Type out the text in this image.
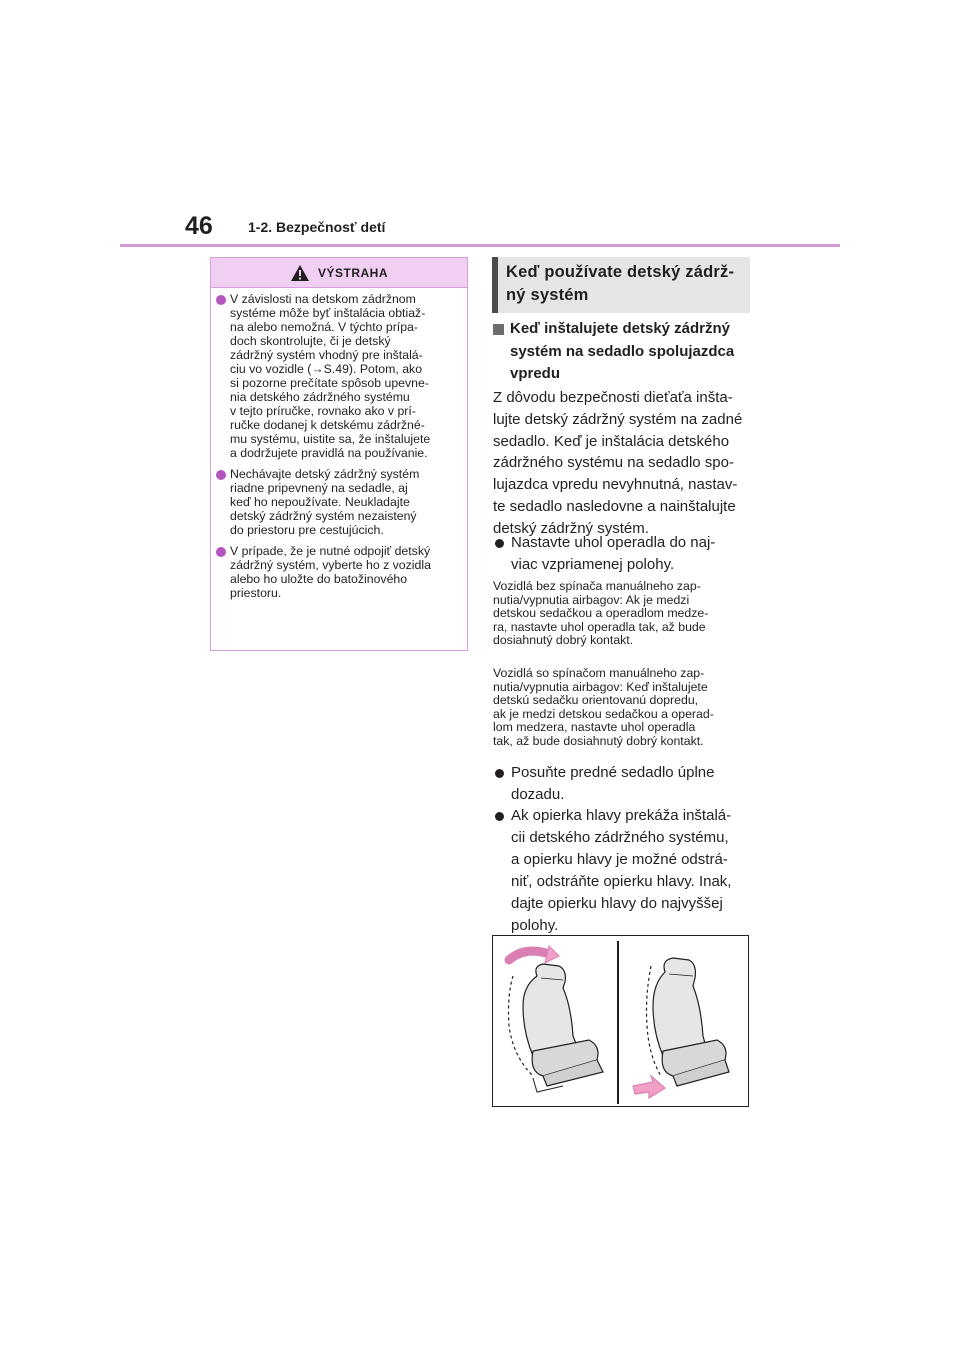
46	1-2. Bezpečnosť detí
VÝSTRAHA
V závislosti na detskom zádržnom
systéme môže byť inštalácia obtiaž-
na alebo nemožná. V týchto prípa-
doch skontrolujte, či je detský
zádržný systém vhodný pre inštalá-
ciu vo vozidle (→S.49). Potom, ako
si pozorne prečítate spôsob upevne-
nia detského zádržného systému
v tejto príručke, rovnako ako v prí-
ručke dodanej k detskému zádržné-
mu systému, uistite sa, že inštalujete
a dodržujete pravidlá na používanie.
Nechávajte detský zádržný systém
riadne pripevnený na sedadle, aj
keď ho nepoužívate. Neukladajte
detský zádržný systém nezaistený
do priestoru pre cestujúcich.
V prípade, že je nutné odpojiť detský
zádržný systém, vyberte ho z vozidla
alebo ho uložte do batožinového
priestoru.
Keď používate detský zádrž-
ný systém
Keď inštalujete detský zádržný
systém na sedadlo spolujazdca
vpredu
Z dôvodu bezpečnosti dieťaťa inšta-
lujte detský zádržný systém na zadné
sedadlo. Keď je inštalácia detského
zádržného systému na sedadlo spo-
lujazdca vpredu nevyhnutná, nastav-
te sedadlo nasledovne a nainštalujte
detský zádržný systém.
Nastavte uhol operadla do naj-
viac vzpriamenej polohy.
Vozidlá bez spínača manuálneho zap-
nutia/vypnutia airbagov: Ak je medzi
detskou sedačkou a operadlom medze-
ra, nastavte uhol operadla tak, až bude
dosiahnutý dobrý kontakt.
Vozidlá so spínačom manuálneho zap-
nutia/vypnutia airbagov: Keď inštalujete
detskú sedačku orientovanú dopredu,
ak je medzi detskou sedačkou a operad-
lom medzera, nastavte uhol operadla
tak, až bude dosiahnutý dobrý kontakt.
Posuňte predné sedadlo úplne
dozadu.
Ak opierka hlavy prekáža inštalá-
cii detského zádržného systému,
a opierku hlavy je možné odstrá-
niť, odstráňte opierku hlavy. Inak,
dajte opierku hlavy do najvyššej
polohy.
